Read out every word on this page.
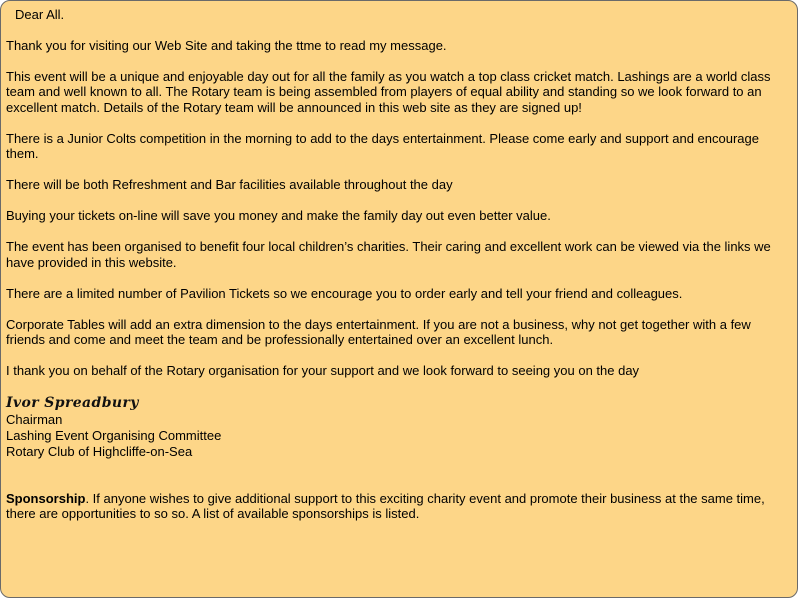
Dear All.

Thank you for visiting our Web Site and taking the ttme to read my message.

This event will be a unique and enjoyable day out for all the family as you watch a top class cricket match. Lashings are a world class team and well known to all. The Rotary team is being assembled from players of equal ability and standing so we look forward to an excellent match. Details of the Rotary team will be announced in this web site as they are signed up!

There is a Junior Colts competition in the morning to add to the days entertainment. Please come early and support and encourage them.

There will be both Refreshment and Bar facilities available throughout the day

Buying your tickets on-line will save you money and make the family day out even better value.

The event has been organised to benefit four local children’s charities. Their caring and excellent work can be viewed via the links we have provided in this website.

There are a limited number of Pavilion Tickets so we encourage you to order early and tell your friend and colleagues.

Corporate Tables will add an extra dimension to the days entertainment. If you are not a business, why not get together with a few friends and come and meet the team and be professionally entertained over an excellent lunch.

I thank you on behalf of the Rotary organisation for your support and we look forward to seeing you on the day

Ivor Spreadbury

Chairman

Lashing Event Organising Committee

Rotary Club of Highcliffe-on-Sea

Sponsorship. If anyone wishes to give additional support to this exciting charity event and promote their business at the same time, there are opportunities to so so. A list of available sponsorships is listed.
